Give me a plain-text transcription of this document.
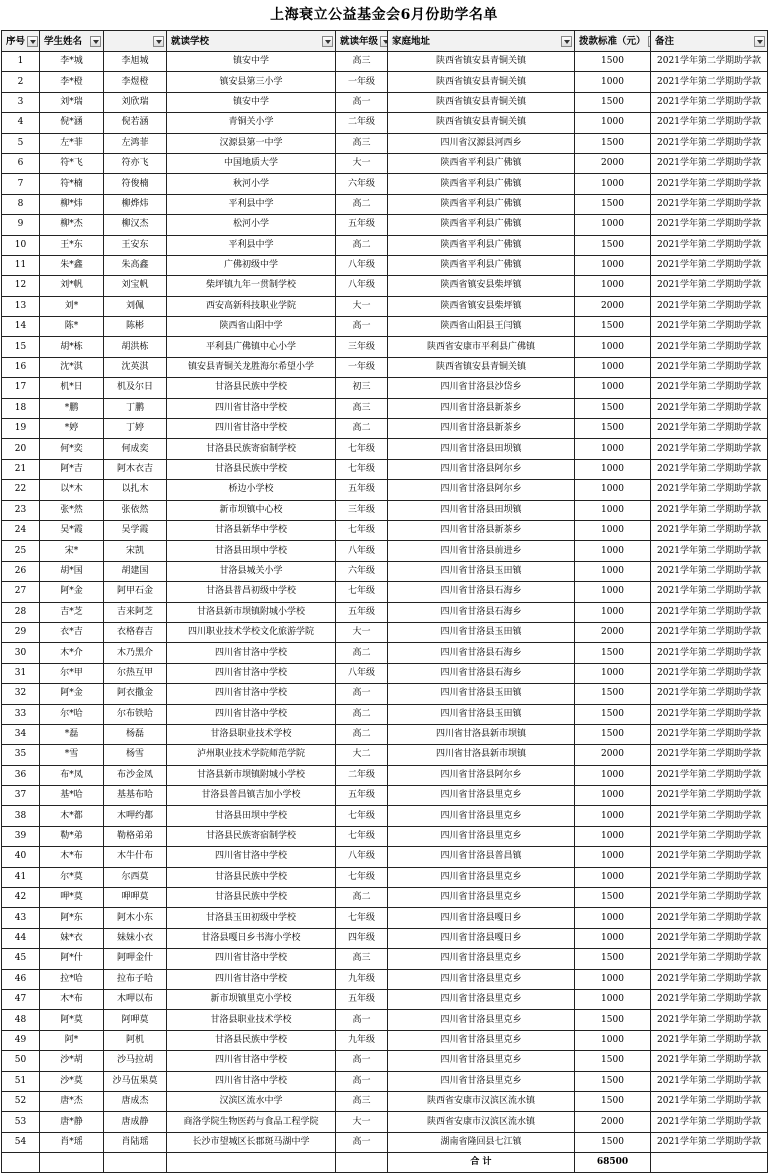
上海衰立公益基金会6月份助学名单
序号	学生姓名		就读学校	就读年级	家庭地址	拨款标准（元）	备注

1	李*城	李旭城	镇安中学	高三	陕西省镇安县青铜关镇	1500	2021学年第二学期助学款
2	李*橙	李煜橙	镇安县第三小学	一年级	陕西省镇安县青铜关镇	1000	2021学年第二学期助学款
3	刘*瑞	刘欣瑞	镇安中学	高一	陕西省镇安县青铜关镇	1500	2021学年第二学期助学款
4	倪*涵	倪若涵	青铜关小学	二年级	陕西省镇安县青铜关镇	1000	2021学年第二学期助学款
5	左*菲	左鸿菲	汉源县第一中学	高三	四川省汉源县河西乡	1500	2021学年第二学期助学款
6	符*飞	符亦飞	中国地质大学	大一	陕西省平利县广佛镇	2000	2021学年第二学期助学款
7	符*楠	符俊楠	秋河小学	六年级	陕西省平利县广佛镇	1000	2021学年第二学期助学款
8	柳*炜	柳烨炜	平利县中学	高二	陕西省平利县广佛镇	1500	2021学年第二学期助学款
9	柳*杰	柳汉杰	松河小学	五年级	陕西省平利县广佛镇	1000	2021学年第二学期助学款
10	王*东	王安东	平利县中学	高二	陕西省平利县广佛镇	1500	2021学年第二学期助学款
11	朱*鑫	朱高鑫	广佛初级中学	八年级	陕西省平利县广佛镇	1000	2021学年第二学期助学款
12	刘*帆	刘宝帆	柴坪镇九年一贯制学校	八年级	陕西省镇安县柴坪镇	1000	2021学年第二学期助学款
13	刘*	刘佩	西安高新科技职业学院	大一	陕西省镇安县柴坪镇	2000	2021学年第二学期助学款
14	陈*	陈彬	陕西省山阳中学	高一	陕西省山阳县王闫镇	1500	2021学年第二学期助学款
15	胡*栋	胡洪栋	平利县广佛镇中心小学	三年级	陕西省安康市平利县广佛镇	1000	2021学年第二学期助学款
16	沈*淇	沈英淇	镇安县青铜关龙胜海尔希望小学	一年级	陕西省镇安县青铜关镇	1000	2021学年第二学期助学款
17	机*日	机及尔日	甘洛县民族中学校	初三	四川省甘洛县沙岱乡	1000	2021学年第二学期助学款
18	*鹏	丁鹏	四川省甘洛中学校	高三	四川省甘洛县新茶乡	1500	2021学年第二学期助学款
19	*婷	丁婷	四川省甘洛中学校	高二	四川省甘洛县新茶乡	1500	2021学年第二学期助学款
20	何*奕	何成奕	甘洛县民族寄宿制学校	七年级	四川省甘洛县田坝镇	1000	2021学年第二学期助学款
21	阿*吉	阿木衣吉	甘洛县民族中学校	七年级	四川省甘洛县阿尔乡	1000	2021学年第二学期助学款
22	以*木	以扎木	桥边小学校	五年级	四川省甘洛县阿尔乡	1000	2021学年第二学期助学款
23	张*然	张依然	新市坝镇中心校	三年级	四川省甘洛县田坝镇	1000	2021学年第二学期助学款
24	吴*霞	吴学霞	甘洛县新华中学校	七年级	四川省甘洛县新茶乡	1000	2021学年第二学期助学款
25	宋*	宋凯	甘洛县田坝中学校	八年级	四川省甘洛县前进乡	1000	2021学年第二学期助学款
26	胡*国	胡建国	甘洛县城关小学	六年级	四川省甘洛县玉田镇	1000	2021学年第二学期助学款
27	阿*金	阿甲石金	甘洛县普昌初级中学校	七年级	四川省甘洛县石海乡	1000	2021学年第二学期助学款
28	吉*芝	吉来阿芝	甘洛县新市坝镇附城小学校	五年级	四川省甘洛县石海乡	1000	2021学年第二学期助学款
29	衣*吉	衣格春吉	四川职业技术学校文化旅游学院	大一	四川省甘洛县玉田镇	2000	2021学年第二学期助学款
30	木*介	木乃黑介	四川省甘洛中学校	高二	四川省甘洛县石海乡	1500	2021学年第二学期助学款
31	尔*甲	尔热互甲	四川省甘洛中学校	八年级	四川省甘洛县石海乡	1000	2021学年第二学期助学款
32	阿*金	阿衣撒金	四川省甘洛中学校	高一	四川省甘洛县玉田镇	1500	2021学年第二学期助学款
33	尔*哈	尔布铁哈	四川省甘洛中学校	高二	四川省甘洛县玉田镇	1500	2021学年第二学期助学款
34	*磊	杨磊	甘洛县职业技术学校	高二	四川省甘洛县新市坝镇	1500	2021学年第二学期助学款
35	*雪	杨雪	泸州职业技术学院师范学院	大二	四川省甘洛县新市坝镇	2000	2021学年第二学期助学款
36	布*凤	布沙金凤	甘洛县新市坝镇附城小学校	二年级	四川省甘洛县阿尔乡	1000	2021学年第二学期助学款
37	基*哈	基基布哈	甘洛县普昌镇吉加小学校	五年级	四川省甘洛县里克乡	1000	2021学年第二学期助学款
38	木*都	木呷约都	甘洛县田坝中学校	七年级	四川省甘洛县里克乡	1000	2021学年第二学期助学款
39	勒*弟	勒格弟弟	甘洛县民族寄宿制学校	七年级	四川省甘洛县里克乡	1000	2021学年第二学期助学款
40	木*布	木牛什布	四川省甘洛中学校	八年级	四川省甘洛县普昌镇	1000	2021学年第二学期助学款
41	尔*莫	尔西莫	甘洛县民族中学校	七年级	四川省甘洛县里克乡	1000	2021学年第二学期助学款
42	呷*莫	呷呷莫	甘洛县民族中学校	高二	四川省甘洛县里克乡	1500	2021学年第二学期助学款
43	阿*东	阿木小东	甘洛县玉田初级中学校	七年级	四川省甘洛县嘎日乡	1000	2021学年第二学期助学款
44	妹*衣	妹妹小衣	甘洛县嘎日乡书海小学校	四年级	四川省甘洛县嘎日乡	1000	2021学年第二学期助学款
45	阿*什	阿呷金什	四川省甘洛中学校	高三	四川省甘洛县里克乡	1500	2021学年第二学期助学款
46	拉*哈	拉布子哈	四川省甘洛中学校	九年级	四川省甘洛县里克乡	1000	2021学年第二学期助学款
47	木*布	木呷以布	新市坝镇里克小学校	五年级	四川省甘洛县里克乡	1000	2021学年第二学期助学款
48	阿*莫	阿呷莫	甘洛县职业技术学校	高一	四川省甘洛县里克乡	1500	2021学年第二学期助学款
49	阿*	阿机	甘洛县民族中学校	九年级	四川省甘洛县里克乡	1000	2021学年第二学期助学款
50	沙*胡	沙马拉胡	四川省甘洛中学校	高一	四川省甘洛县里克乡	1500	2021学年第二学期助学款
51	沙*莫	沙马伍果莫	四川省甘洛中学校	高一	四川省甘洛县里克乡	1500	2021学年第二学期助学款
52	唐*杰	唐成杰	汉滨区流水中学	高三	陕西省安康市汉滨区流水镇	1500	2021学年第二学期助学款
53	唐*静	唐成静	商洛学院生物医药与食品工程学院	大一	陕西省安康市汉滨区流水镇	2000	2021学年第二学期助学款
54	肖*瑶	肖陆瑶	长沙市望城区长郡斑马湖中学	高一	湖南省隆回县七江镇	1500	2021学年第二学期助学款
					合 计	68500	
